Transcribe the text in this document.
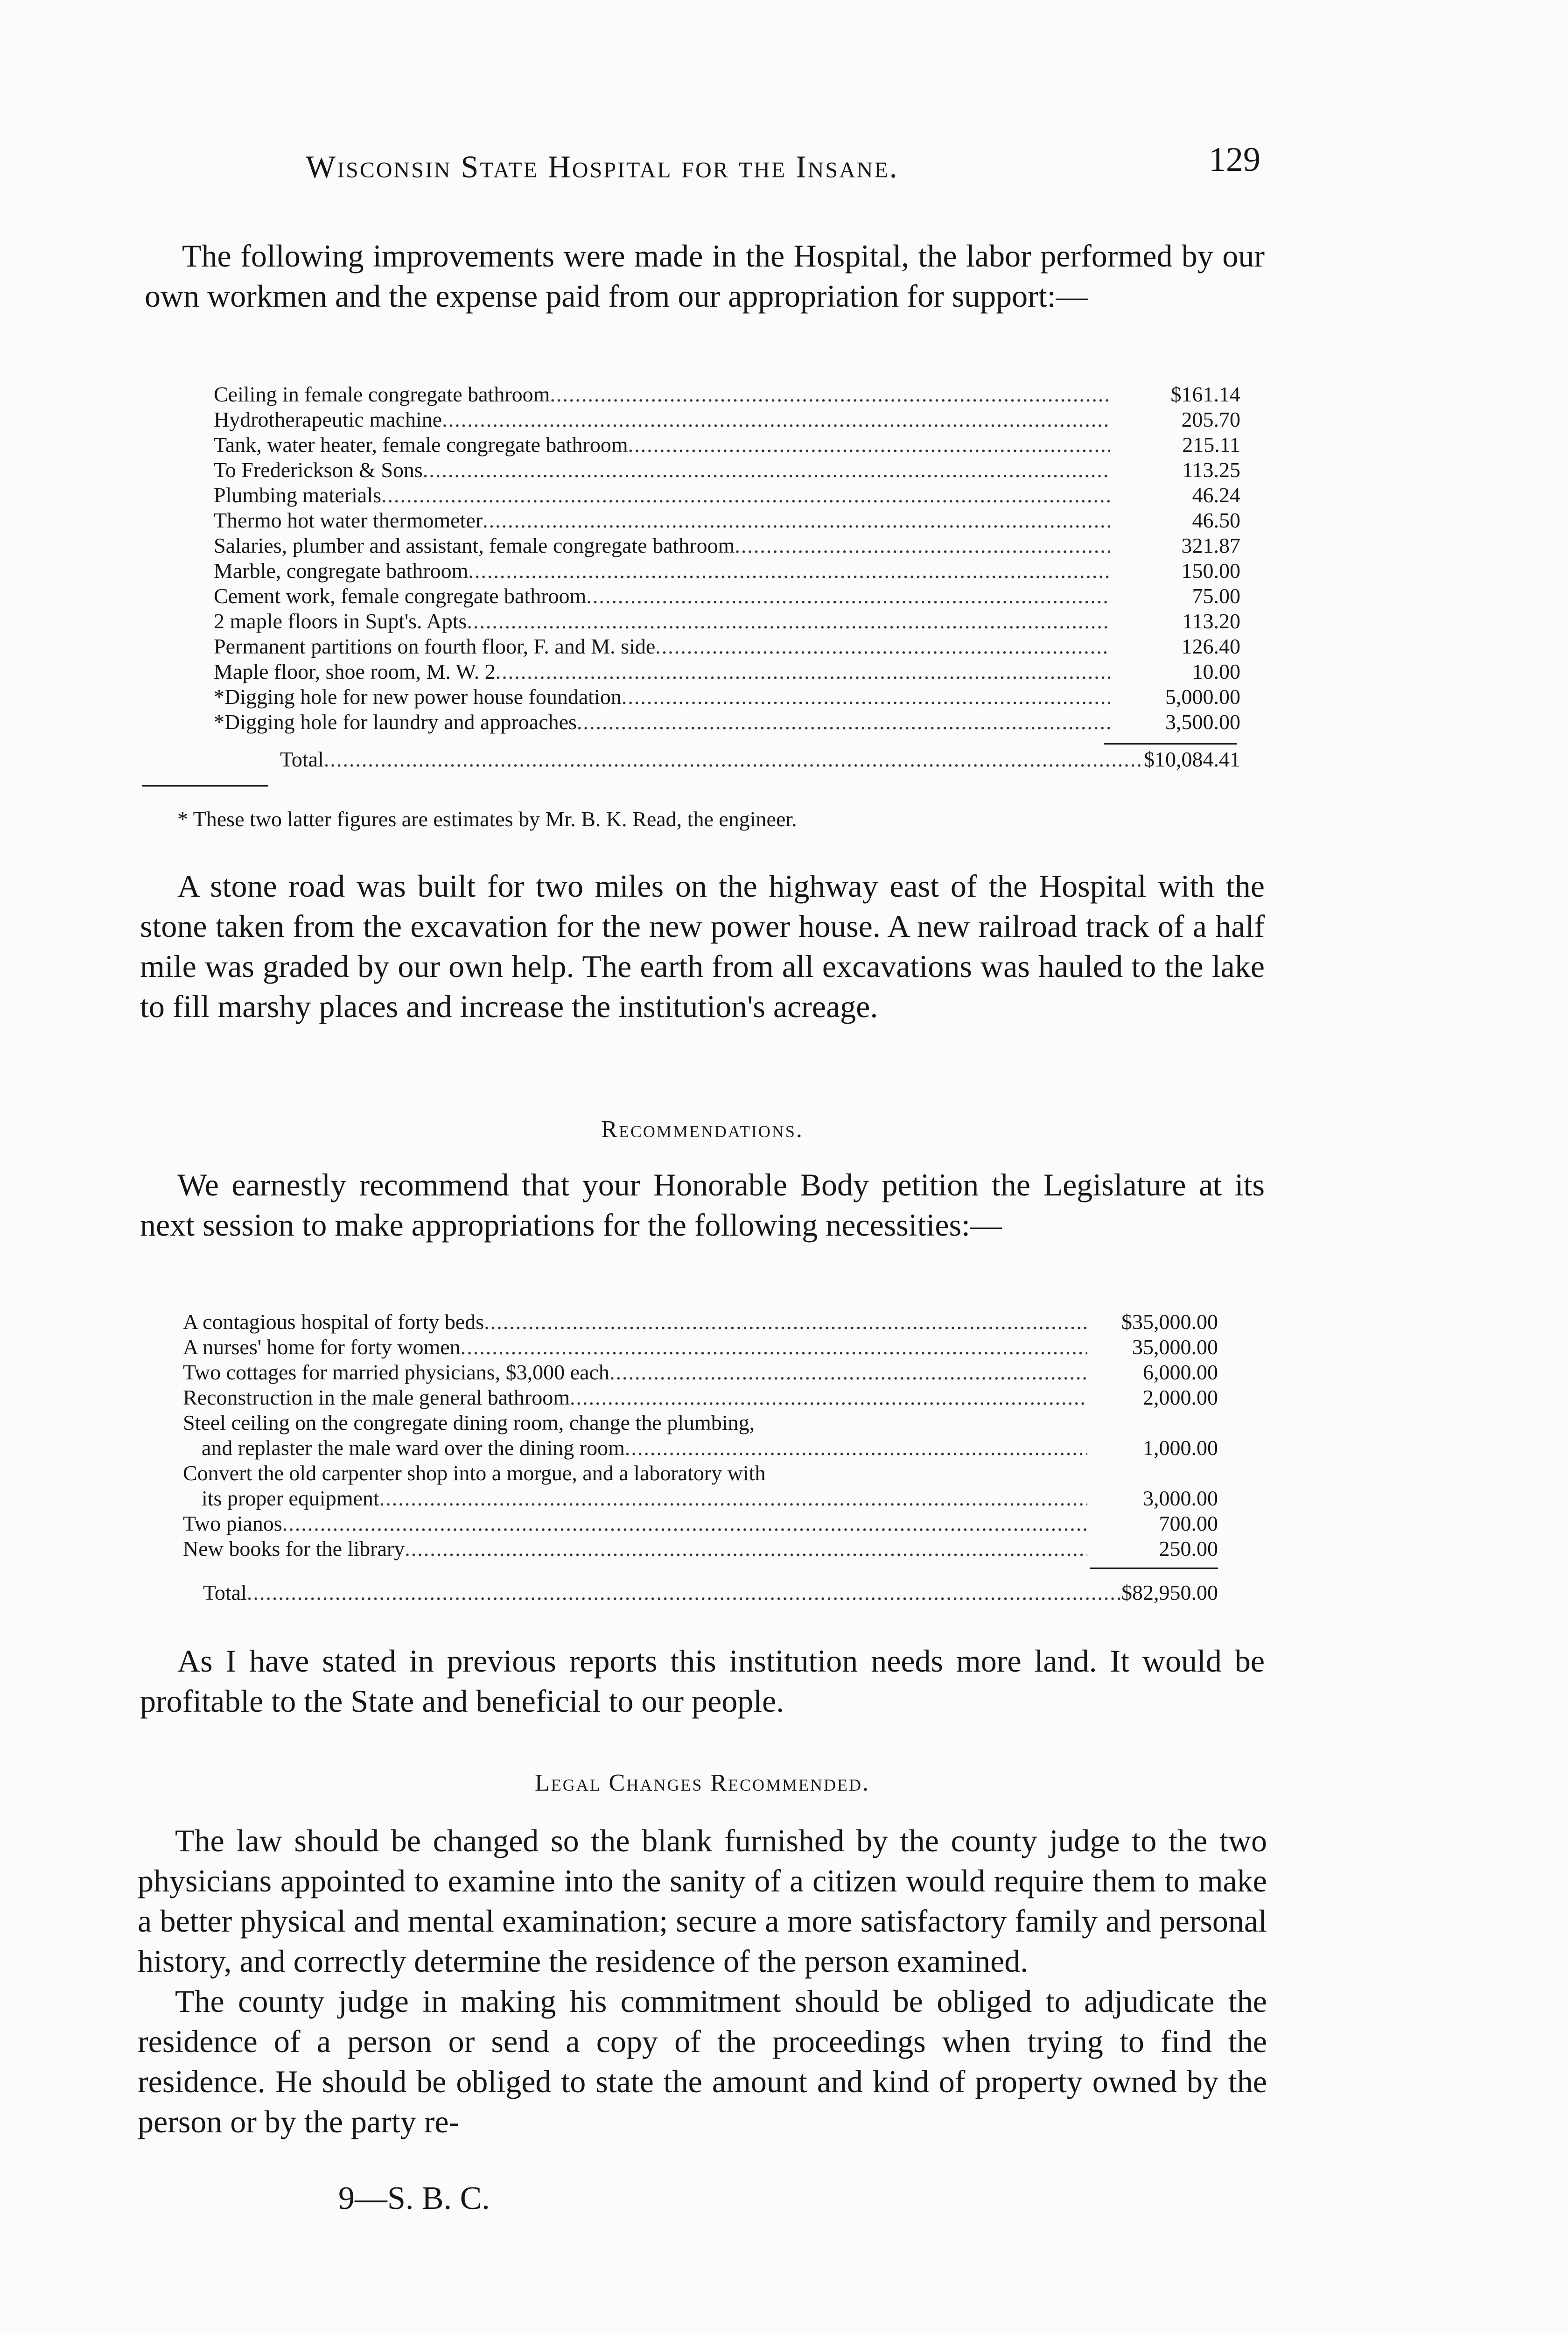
Wisconsin State Hospital for the Insane.	129

The following improvements were made in the Hospital, the labor performed by our own workmen and the expense paid from our appropriation for support:—

Ceiling in female congregate bathroom .....	$161.14
Hydrotherapeutic machine .....	205.70
Tank, water heater, female congregate bathroom .....	215.11
To Frederickson & Sons .....	113.25
Plumbing materials .....	46.24
Thermo hot water thermometer .....	46.50
Salaries, plumber and assistant, female congregate bathroom .....	321.87
Marble, congregate bathroom .....	150.00
Cement work, female congregate bathroom .....	75.00
2 maple floors in Supt's. Apts .....	113.20
Permanent partitions on fourth floor, F. and M. side .....	126.40
Maple floor, shoe room, M. W. 2 .....	10.00
*Digging hole for new power house foundation .....	5,000.00
*Digging hole for laundry and approaches .....	3,500.00
Total .....	$10,084.41
* These two latter figures are estimates by Mr. B. K. Read, the engineer.

A stone road was built for two miles on the highway east of the Hospital with the stone taken from the excavation for the new power house. A new railroad track of a half mile was graded by our own help. The earth from all excavations was hauled to the lake to fill marshy places and increase the institution's acreage.

Recommendations.

We earnestly recommend that your Honorable Body petition the Legislature at its next session to make appropriations for the following necessities:—

A contagious hospital of forty beds .....	$35,000.00
A nurses' home for forty women .....	35,000.00
Two cottages for married physicians, $3,000 each .....	6,000.00
Reconstruction in the male general bathroom .....	2,000.00
Steel ceiling on the congregate dining room, change the plumbing,
and replaster the male ward over the dining room .....	1,000.00
Convert the old carpenter shop into a morgue, and a laboratory with
its proper equipment .....	3,000.00
Two pianos .....	700.00
New books for the library .....	250.00
Total .....	$82,950.00

As I have stated in previous reports this institution needs more land. It would be profitable to the State and beneficial to our people.

Legal Changes Recommended.

The law should be changed so the blank furnished by the county judge to the two physicians appointed to examine into the sanity of a citizen would require them to make a better physical and mental examination; secure a more satisfactory family and personal history, and correctly determine the residence of the person examined.

The county judge in making his commitment should be obliged to adjudicate the residence of a person or send a copy of the proceedings when trying to find the residence. He should be obliged to state the amount and kind of property owned by the person or by the party re-

9—S. B. C.
